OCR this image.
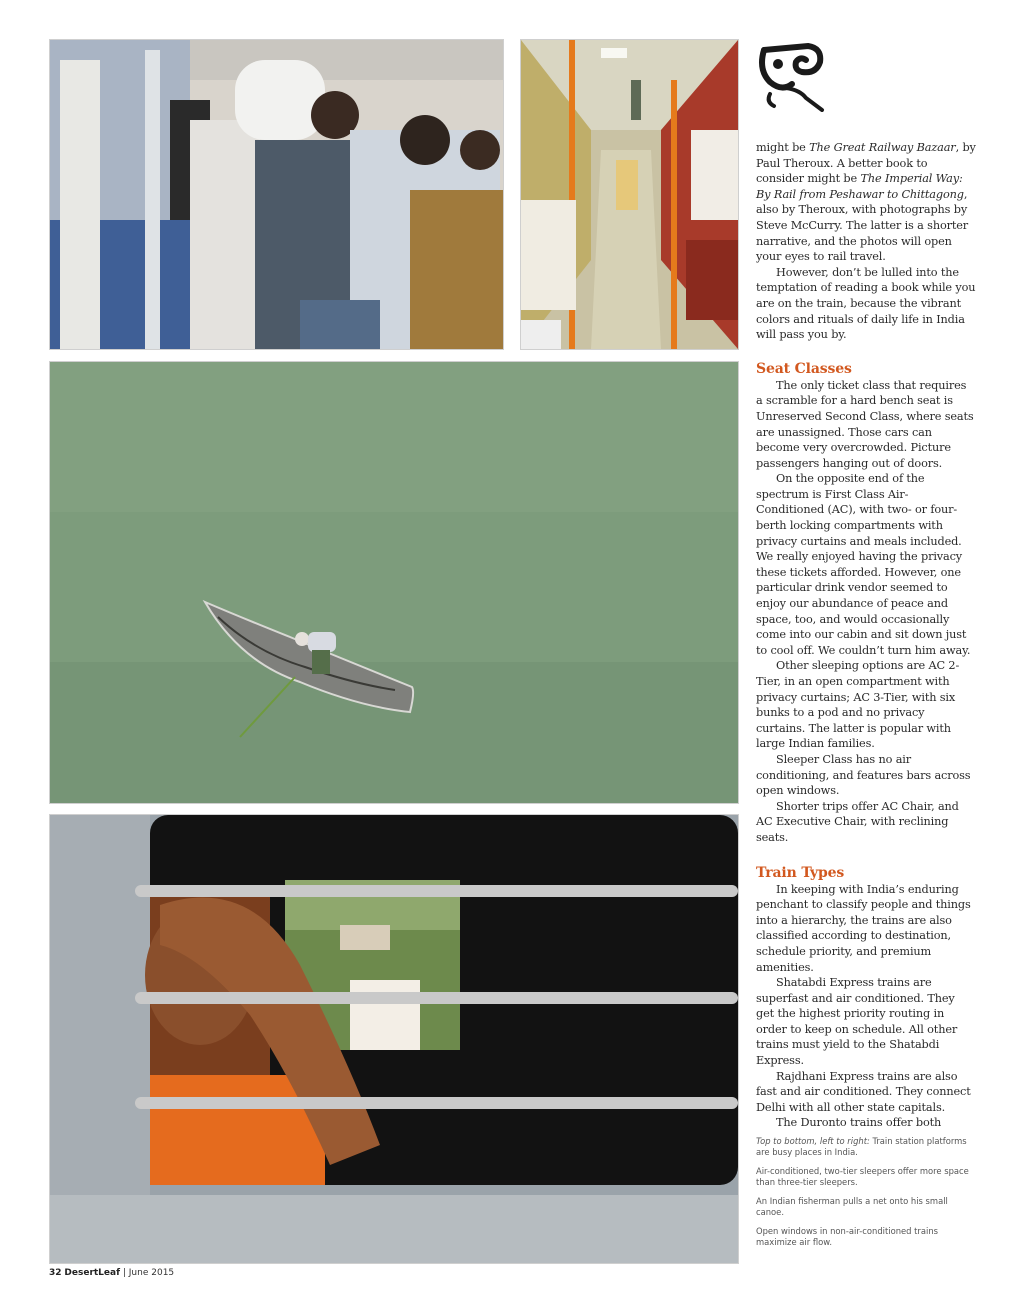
might be The Great Railway Bazaar, by Paul Theroux. A better book to consider might be The Imperial Way: By Rail from Peshawar to Chittagong, also by Theroux, with photographs by Steve McCurry. The latter is a shorter narrative, and the photos will open your eyes to rail travel.

However, don’t be lulled into the temptation of reading a book while you are on the train, because the vibrant colors and rituals of daily life in India will pass you by.

Seat Classes

The only ticket class that requires a scramble for a hard bench seat is Unreserved Second Class, where seats are unassigned. Those cars can become very overcrowded. Picture passengers hanging out of doors.

On the opposite end of the spectrum is First Class Air-Conditioned (AC), with two- or four-berth locking compartments with privacy curtains and meals included. We really enjoyed having the privacy these tickets afforded. However, one particular drink vendor seemed to enjoy our abundance of peace and space, too, and would occasionally come into our cabin and sit down just to cool off. We couldn’t turn him away.

Other sleeping options are AC 2-Tier, in an open compartment with privacy curtains; AC 3-Tier, with six bunks to a pod and no privacy curtains. The latter is popular with large Indian families.

Sleeper Class has no air conditioning, and features bars across open windows.

Shorter trips offer AC Chair, and AC Executive Chair, with reclining seats.

Train Types

In keeping with India’s enduring penchant to classify people and things into a hierarchy, the trains are also classified according to destination, schedule priority, and premium amenities.

Shatabdi Express trains are superfast and air conditioned. They get the highest priority routing in order to keep on schedule. All other trains must yield to the Shatabdi Express.

Rajdhani Express trains are also fast and air conditioned. They connect Delhi with all other state capitals.

The Duronto trains offer both

Top to bottom, left to right: Train station platforms are busy places in India.

Air-conditioned, two-tier sleepers offer more space than three-tier sleepers.

An Indian fisherman pulls a net onto his small canoe.

Open windows in non-air-conditioned trains maximize air flow.

32 DesertLeaf | June 2015
